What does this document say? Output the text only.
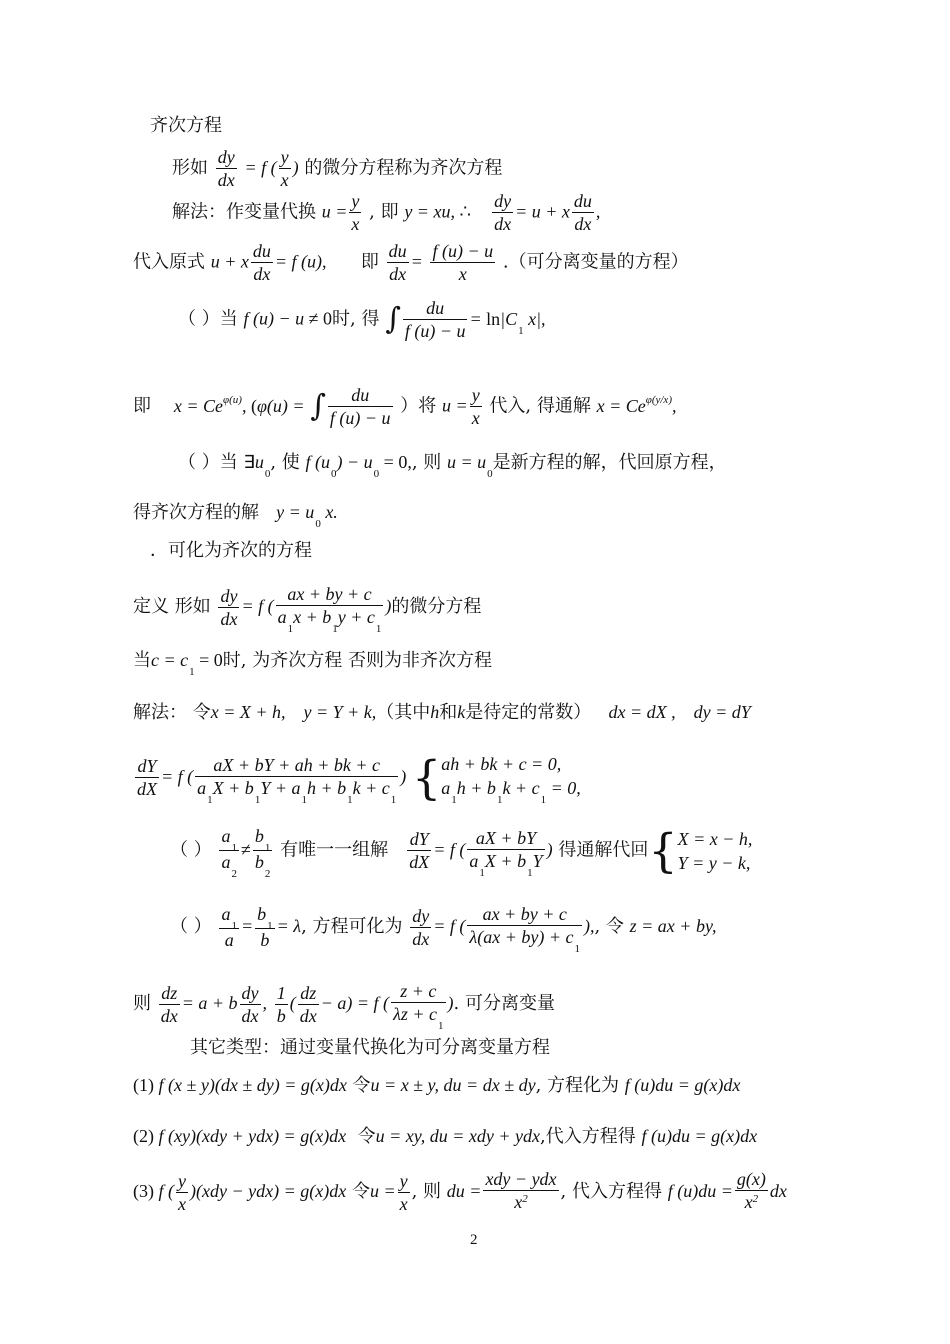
齐次方程
形如 $\frac{dy}{dx} = f$ ( $\frac{y}{x}$ ) 的微分方程称为齐次方程
解法：作变量代换 $u = \frac{y}{x}$ , 即 y = xu, ∴ $\frac{dy}{dx} = u + x \frac{du}{dx}$ ,
代入原式 u + x $\frac{du}{dx} = f$ (u), 即 $\frac{du}{dx} = \frac{f (u) - u}{x}$ .（可分离变量的方程）
（ ）当 f (u) − u ≠ 0时, 得 ∫ $\frac{du}{f (u) - u} = \ln|C_1$ x|,
即 $x = Ce^{\varphi(u)}$, (φ(u) = ∫ $\frac{du}{f (u) - u}$ ）将 $u = \frac{y}{x}$ 代入, 得通解 $x = Ce^{\varphi(y/x)}$,
（ ）当 $\exists u_0$, 使 f $(u_0) - u_0 = 0$,, 则 $u = u_0$是新方程的解，代回原方程，
得齐次方程的解 $y = u_0$ x.
．可化为齐次的方程
定义 形如 $\frac{dy}{dx} = f$ ( $\frac{ax + by + c}{a_1x + b_1y + c_1}$ )的微分方程
当$c = c_1 = 0$时, 为齐次方程 否则为非齐次方程
解法： 令x = X + h,    y = Y + k,（其中h和k是待定的常数） dx = dX ,    dy = dY
$\frac{dY}{dX} = f$ ( $\frac{aX + bY + ah + bk + c}{a_1X + b_1Y + a_1h + b_1k + c_1}$ ) { ah + bk + c = 0,
$a_1h + b_1k + c_1 = 0$,
（ ） $\frac{a_1}{a_2} \ne \frac{b_1}{b_2}$ 有唯一一组解 $\frac{dY}{dX} = f$ ( $\frac{aX + bY}{a_1X + b_1Y}$ ) 得通解代回{ X = x − h,
Y = y − k,
（ ） $\frac{a_1}{a} = \frac{b_1}{b} = \lambda$, 方程可化为 $\frac{dy}{dx} = f$ ( $\frac{ax + by + c}{\lambda(ax + by) + c_1}$ ),, 令 z = ax + by,
则 $\frac{dz}{dx} = a + b \frac{dy}{dx}$ , $\frac{1}{b}$ ( $\frac{dz}{dx} - a) = f$ ( $\frac{z + c}{\lambda z + c_1}$ ). 可分离变量
其它类型：通过变量代换化为可分离变量方程
(1) f (x ± y)(dx ± dy) = g(x)dx 令u = x ± y, du = dx ± dy, 方程化为 f (u)du = g(x)dx
(2) f (xy)(xdy + ydx) = g(x)dx 令u = xy, du = xdy + ydx,代入方程得 f (u)du = g(x)dx
(3) f ( $\frac{y}{x} )(xdy - ydx) = g(x)dx$ 令$u = \frac{y}{x}$ , 则 du = $\frac{\text{xdy − ydx}}{x^2}$ , 代入方程得 f $(u)du = \frac{g(x)}{x^2}$ dx
2
